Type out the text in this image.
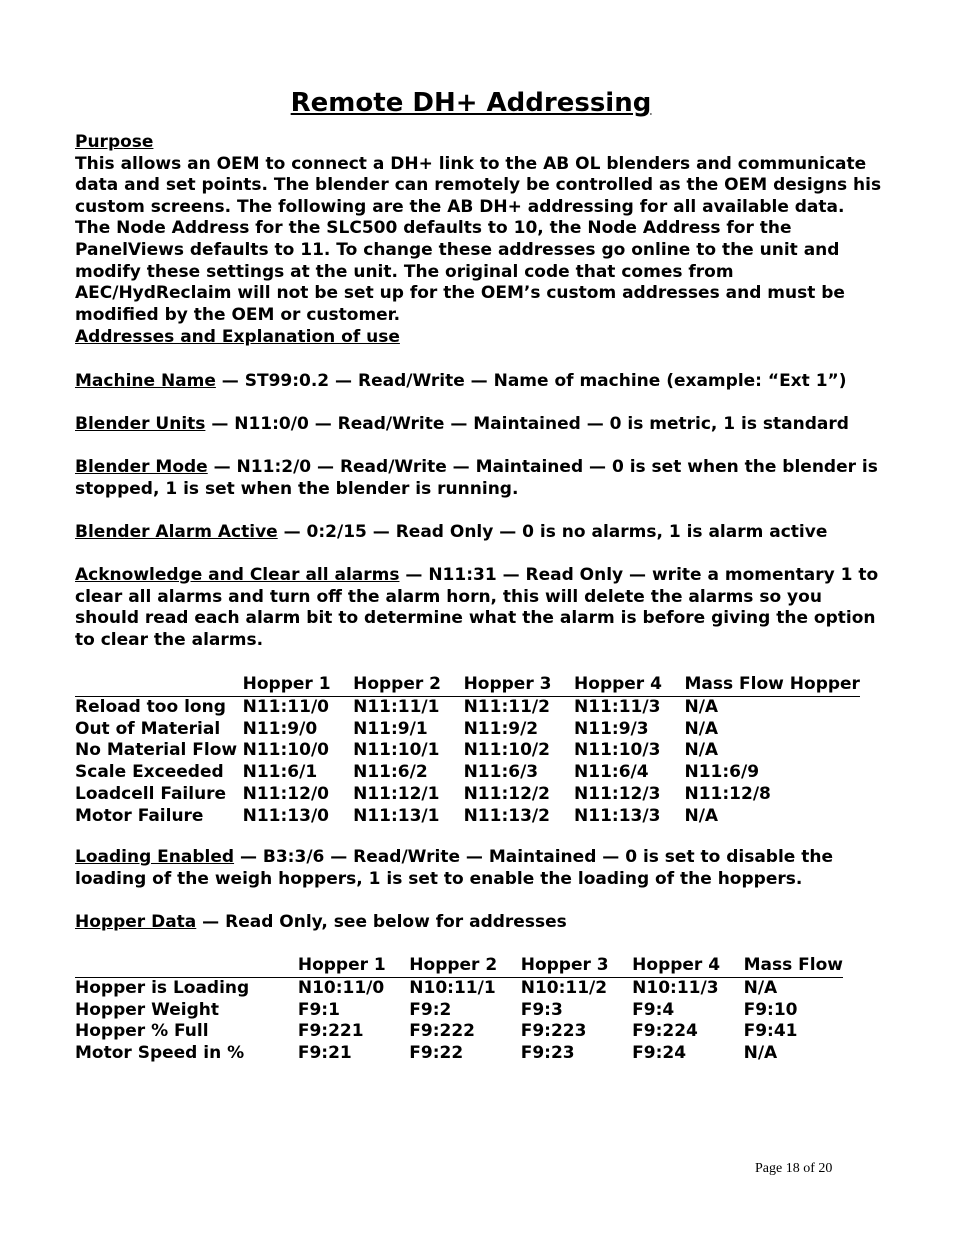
Remote DH+ Addressing

Purpose

This allows an OEM to connect a DH+ link to the AB OL blenders and communicate data and set points. The blender can remotely be controlled as the OEM designs his custom screens. The following are the AB DH+ addressing for all available data. The Node Address for the SLC500 defaults to 10, the Node Address for the PanelViews defaults to 11. To change these addresses go online to the unit and modify these settings at the unit. The original code that comes from AEC/HydReclaim will not be set up for the OEM’s custom addresses and must be modified by the OEM or customer.

Addresses and Explanation of use
Machine Name — ST99:0.2 — Read/Write — Name of machine (example: “Ext 1”)
Blender Units — N11:0/0 — Read/Write — Maintained — 0 is metric, 1 is standard
Blender Mode — N11:2/0 — Read/Write — Maintained — 0 is set when the blender is stopped, 1 is set when the blender is running.
Blender Alarm Active — 0:2/15 — Read Only — 0 is no alarms, 1 is alarm active
Acknowledge and Clear all alarms — N11:31 — Read Only — write a momentary 1 to clear all alarms and turn off the alarm horn, this will delete the alarms so you should read each alarm bit to determine what the alarm is before giving the option to clear the alarms.
	Hopper 1	Hopper 2	Hopper 3	Hopper 4	Mass Flow Hopper
Reload too long	N11:11/0	N11:11/1	N11:11/2	N11:11/3	N/A
Out of Material	N11:9/0	N11:9/1	N11:9/2	N11:9/3	N/A
No Material Flow	N11:10/0	N11:10/1	N11:10/2	N11:10/3	N/A
Scale Exceeded	N11:6/1	N11:6/2	N11:6/3	N11:6/4	N11:6/9
Loadcell Failure	N11:12/0	N11:12/1	N11:12/2	N11:12/3	N11:12/8
Motor Failure	N11:13/0	N11:13/1	N11:13/2	N11:13/3	N/A
Loading Enabled — B3:3/6 — Read/Write — Maintained — 0 is set to disable the loading of the weigh hoppers, 1 is set to enable the loading of the hoppers.
Hopper Data — Read Only, see below for addresses
	Hopper 1	Hopper 2	Hopper 3	Hopper 4	Mass Flow
Hopper is Loading	N10:11/0	N10:11/1	N10:11/2	N10:11/3	N/A
Hopper Weight	F9:1	F9:2	F9:3	F9:4	F9:10
Hopper % Full	F9:221	F9:222	F9:223	F9:224	F9:41
Motor Speed in %	F9:21	F9:22	F9:23	F9:24	N/A
Page 18 of 20
